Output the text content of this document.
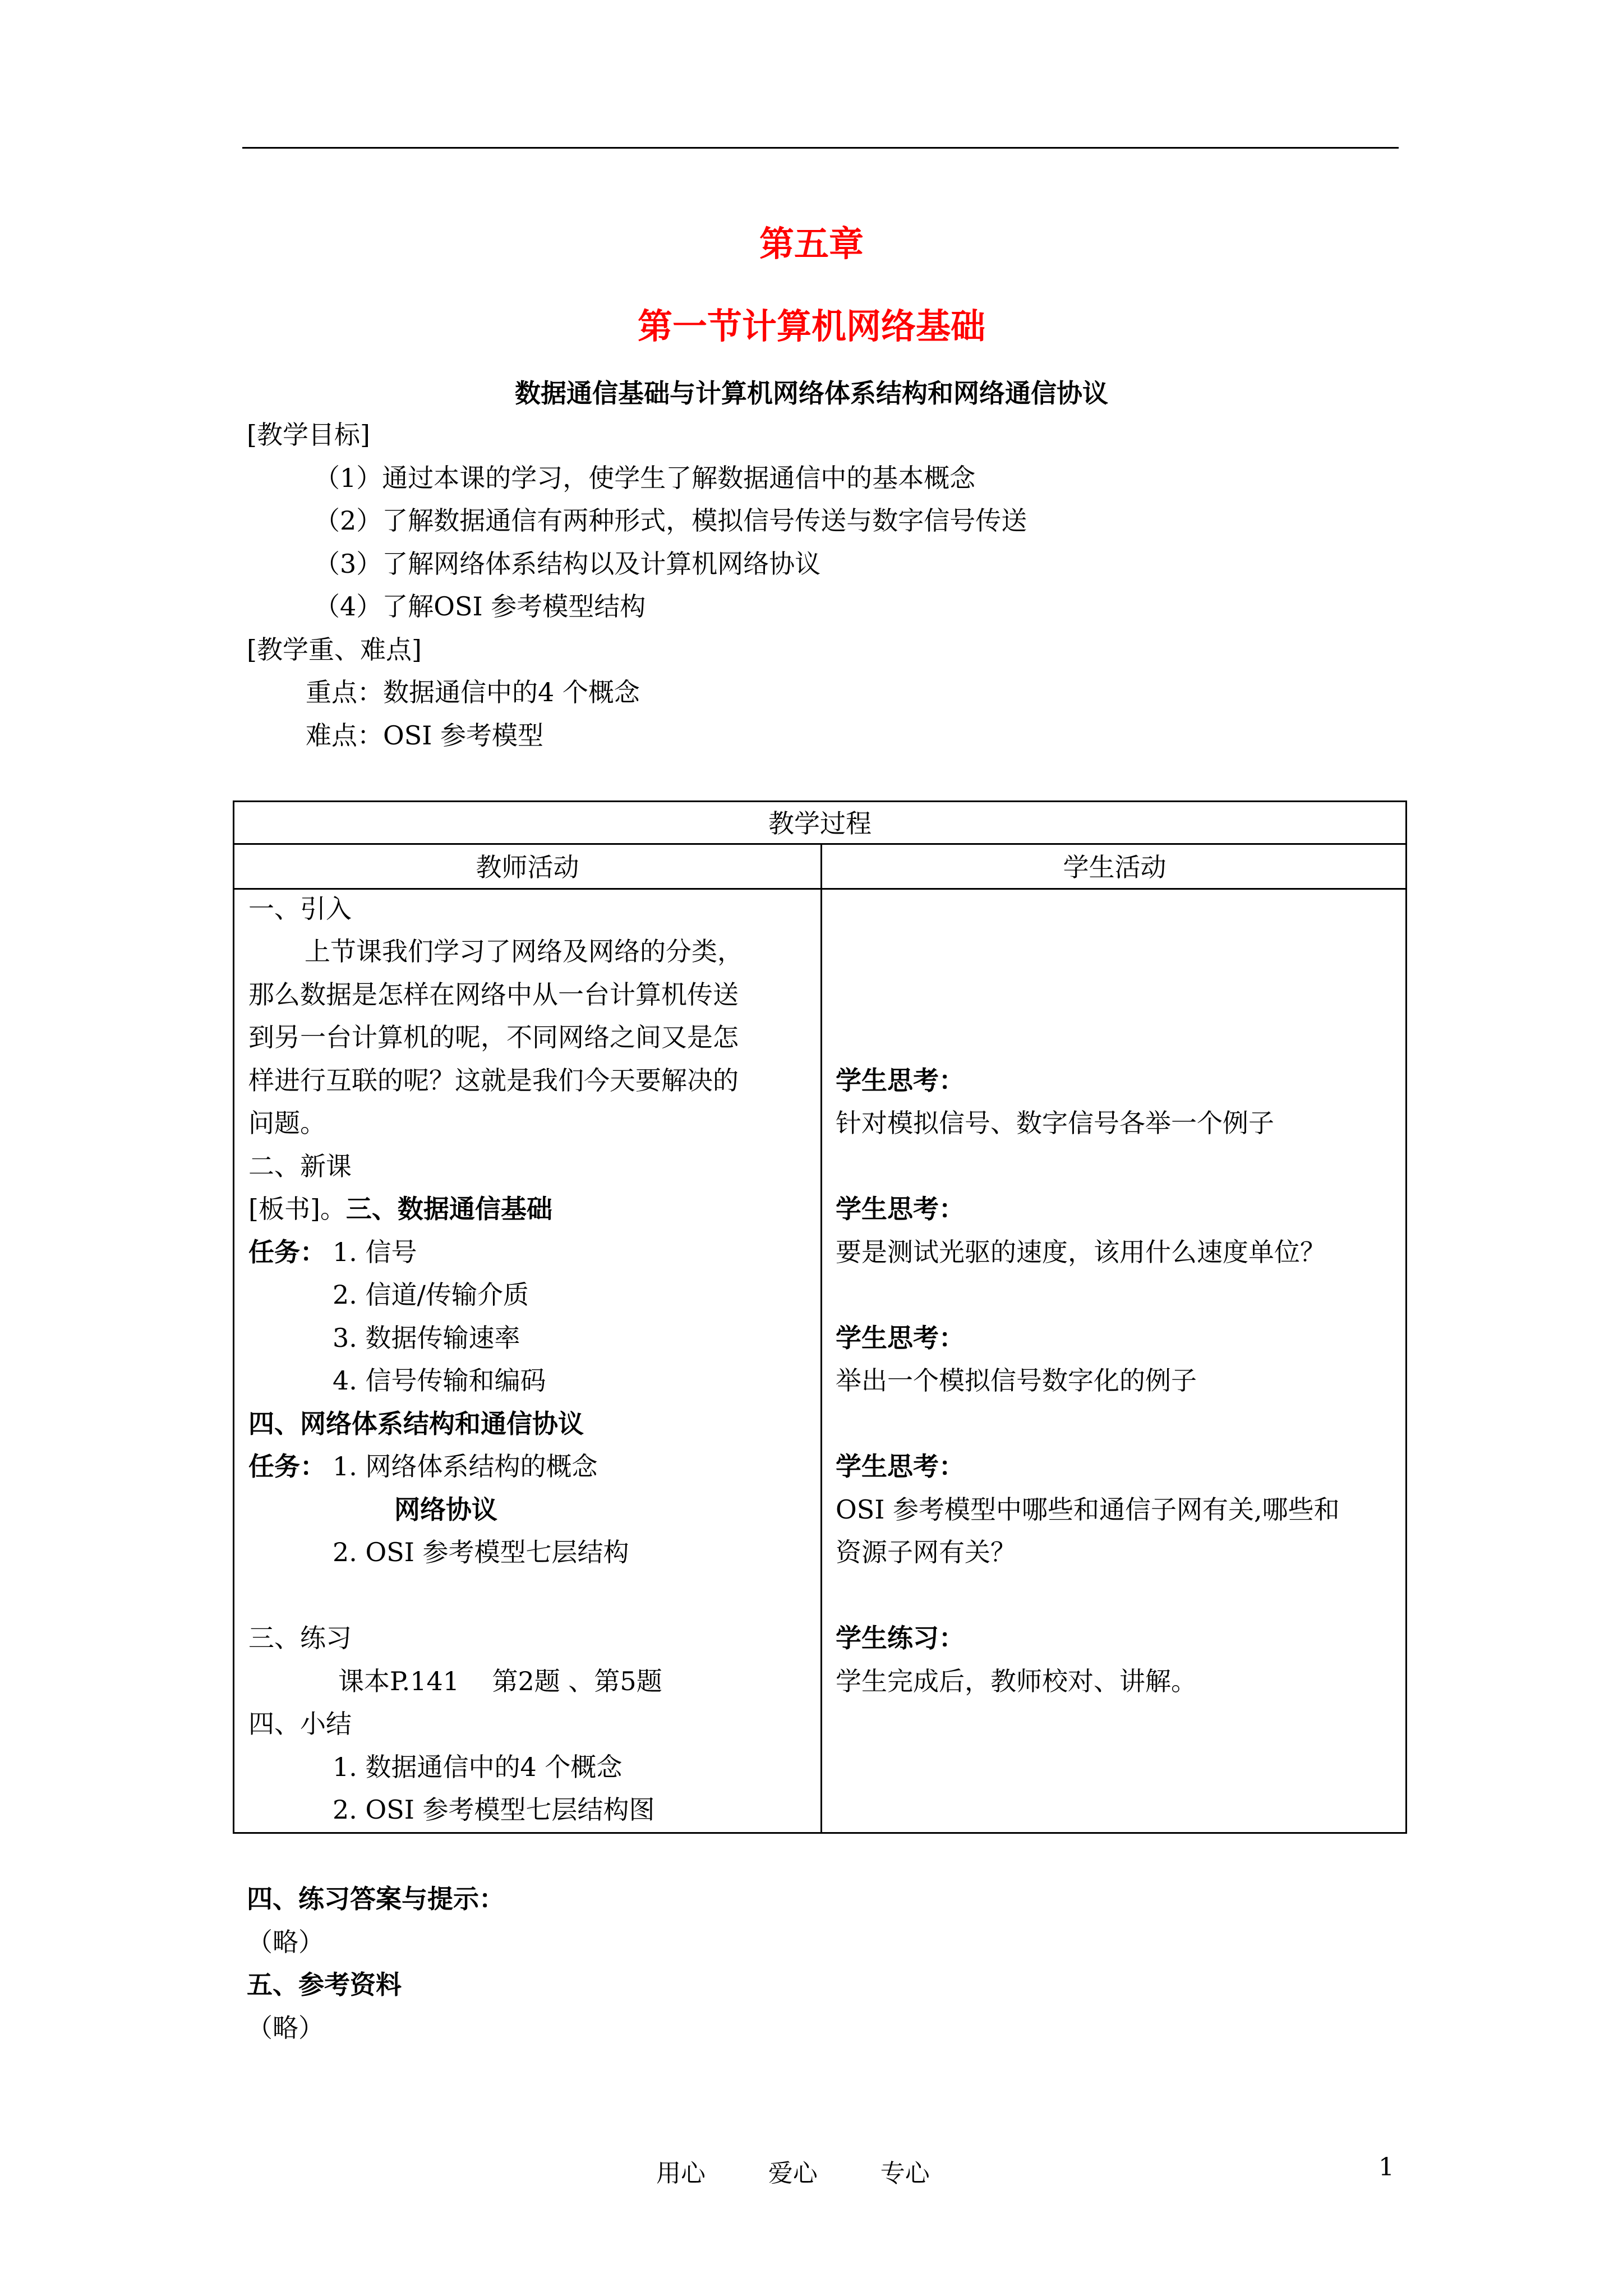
第五章
第一节计算机网络基础
数据通信基础与计算机网络体系结构和网络通信协议
[教学目标]
（1）通过本课的学习，使学生了解数据通信中的基本概念
（2）了解数据通信有两种形式，模拟信号传送与数字信号传送
（3）了解网络体系结构以及计算机网络协议
（4）了解OSI 参考模型结构
[教学重、难点]
重点：数据通信中的4 个概念
难点：OSI 参考模型
教学过程
教师活动	学生活动
一、引入
上节课我们学习了网络及网络的分类，
那么数据是怎样在网络中从一台计算机传送
到另一台计算机的呢，不同网络之间又是怎
样进行互联的呢？这就是我们今天要解决的
问题。
二、新课
[板书]。三、数据通信基础
任务： 1. 信号
2. 信道/传输介质
3. 数据传输速率
4. 信号传输和编码
四、网络体系结构和通信协议
任务： 1. 网络体系结构的概念
网络协议
2. OSI 参考模型七层结构
三、练习
课本P.141    第2题 、第5题
四、小结
1. 数据通信中的4 个概念
2. OSI 参考模型七层结构图
学生思考：
针对模拟信号、数字信号各举一个例子
学生思考：
要是测试光驱的速度，该用什么速度单位？
学生思考：
举出一个模拟信号数字化的例子
学生思考：
OSI 参考模型中哪些和通信子网有关,哪些和
资源子网有关？
学生练习：
学生完成后，教师校对、讲解。
四、练习答案与提示：
（略）
五、参考资料
（略）
用心        爱心        专心	1
